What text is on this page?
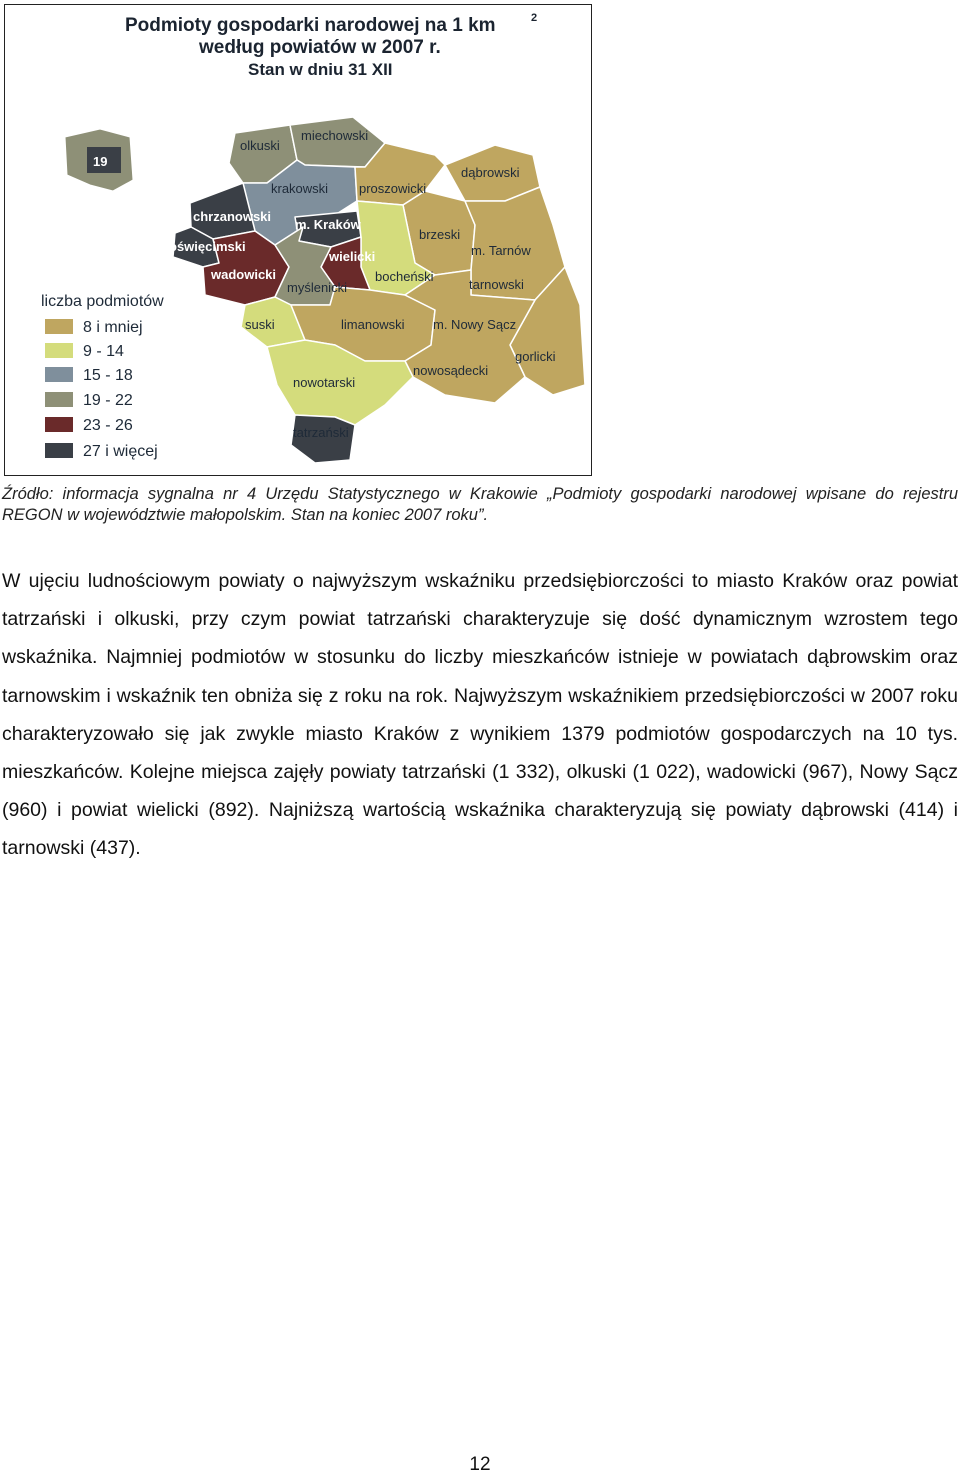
Podmioty gospodarki narodowej na 1 km	2
według powiatów w 2007 r.
Stan w dniu 31 XII
19
olkuski
miechowski
dąbrowski
krakowski proszowicki
chrzanowski
m. Kraków
brzeski
m. Tarnów
oświęcimski
wielicki
wadowicki	bocheński
tarnowski
myślenicki
suski	limanowski m. Nowy Sącz
gorlicki
nowosądecki
nowotarski
tatrzański
liczba podmiotów
8 i mniej
9 - 14
15 - 18
19 - 22
23 - 26
27 i więcej

Źródło: informacja sygnalna nr 4 Urzędu Statystycznego w Krakowie „Podmioty gospodarki narodowej wpisane do rejestru REGON w województwie małopolskim. Stan na koniec 2007 roku”.

W ujęciu ludnościowym powiaty o najwyższym wskaźniku przedsiębiorczości to miasto Kraków oraz powiat tatrzański i olkuski, przy czym powiat tatrzański charakteryzuje się dość dynamicznym wzrostem tego wskaźnika. Najmniej podmiotów w stosunku do liczby mieszkańców istnieje w powiatach dąbrowskim oraz tarnowskim i wskaźnik ten obniża się z roku na rok. Najwyższym wskaźnikiem przedsiębiorczości w 2007 roku charakteryzowało się jak zwykle miasto Kraków z wynikiem 1379 podmiotów gospodarczych na 10 tys. mieszkańców. Kolejne miejsca zajęły powiaty tatrzański (1 332), olkuski (1 022), wadowicki (967), Nowy Sącz (960) i powiat wielicki (892). Najniższą wartością wskaźnika charakteryzują się powiaty dąbrowski (414) i tarnowski (437).

12
